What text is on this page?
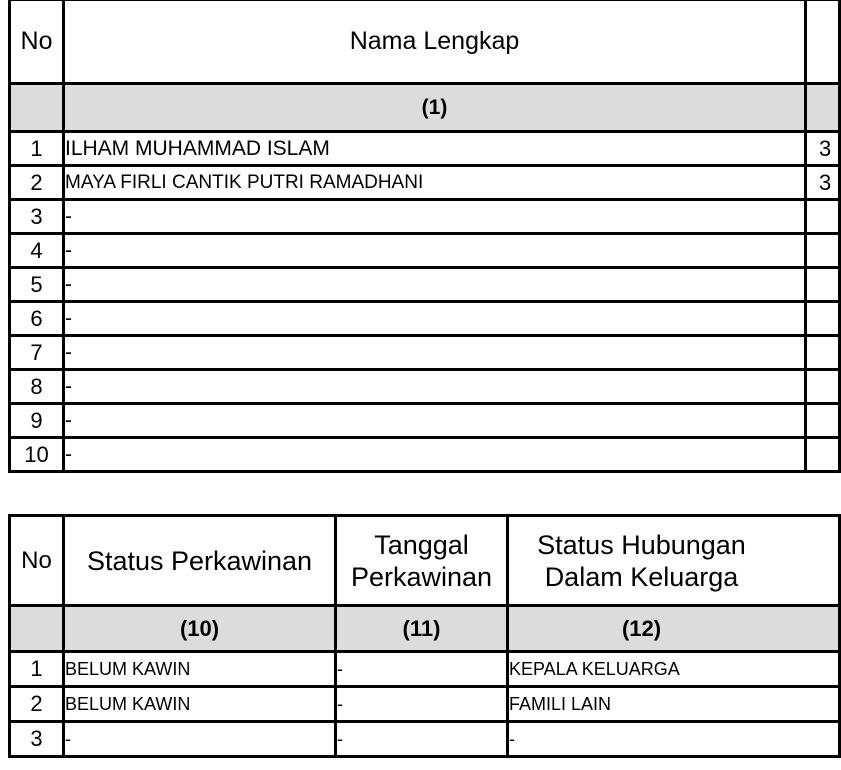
No	Nama Lengkap	
	(1)	
1	ILHAM MUHAMMAD ISLAM	3
2	MAYA FIRLI CANTIK PUTRI RAMADHANI	3
3	-	
4	-	
5	-	
6	-	
7	-	
8	-	
9	-	
10	-	
No	Status Perkawinan	Tanggal Perkawinan	Status Hubungan Dalam Keluarga
	(10)	(11)	(12)
1	BELUM KAWIN	-	KEPALA KELUARGA
2	BELUM KAWIN	-	FAMILI LAIN
3	-	-	-
